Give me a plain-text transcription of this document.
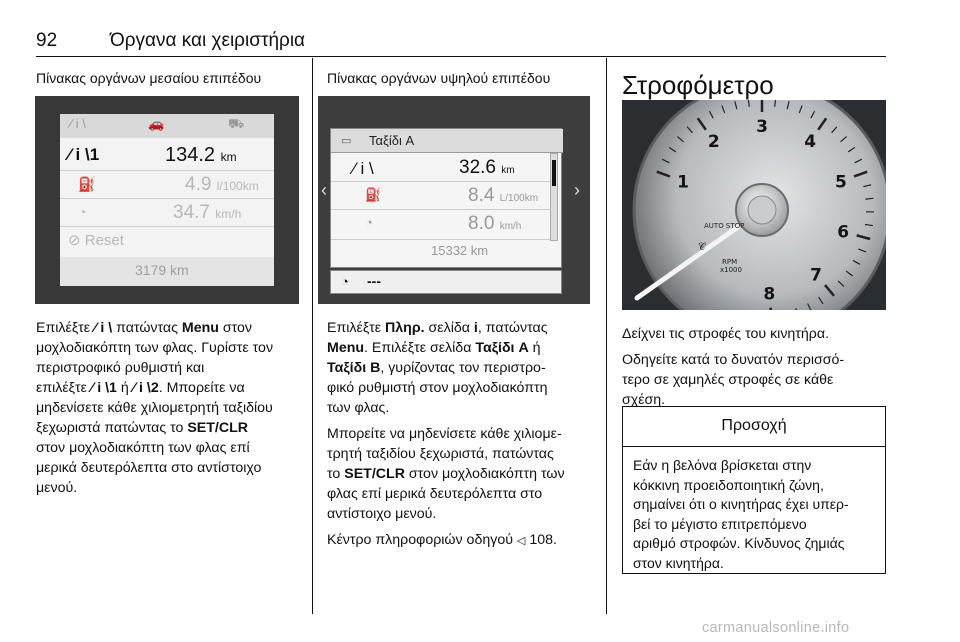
92	Όργανα και χειριστήρια
Πίνακας οργάνων μεσαίου επιπέδου
⁄ i \	🚗	⛟
⁄ i \1	134.2 km
⛽	4.9 l/100km
◔	34.7 km/h
⊘ Reset
3179 km
Επιλέξτε ⁄ i \ πατώντας Menu στον
μοχλοδιακόπτη των φλας. Γυρίστε τον
περιστροφικό ρυθμιστή και
επιλέξτε ⁄ i \1 ή ⁄ i \2. Μπορείτε να
μηδενίσετε κάθε χιλιομετρητή ταξιδίου
ξεχωριστά πατώντας το SET/CLR
στον μοχλοδιακόπτη των φλας επί
μερικά δευτερόλεπτα στο αντίστοιχο
μενού.
Πίνακας οργάνων υψηλού επιπέδου
‹	›
▭ Ταξίδι A
⁄ i \	32.6 km
⛽	8.4 L/100km
◔	8.0 km/h
15332 km
◔ ---
Επιλέξτε Πληρ. σελίδα i, πατώντας
Menu. Επιλέξτε σελίδα Ταξίδι A ή
Ταξίδι B, γυρίζοντας τον περιστρο-
φικό ρυθμιστή στον μοχλοδιακόπτη
των φλας.
Μπορείτε να μηδενίσετε κάθε χιλιομε-
τρητή ταξιδίου ξεχωριστά, πατώντας
το SET/CLR στον μοχλοδιακόπτη των
φλας επί μερικά δευτερόλεπτα στο
αντίστοιχο μενού.
Κέντρο πληροφοριών οδηγού ◁ 108.
Στροφόμετρο
1
2
3
4
5
6
7
8
AUTO STOP
𝒞
RPM
x1000
Δείχνει τις στροφές του κινητήρα.
Οδηγείτε κατά το δυνατόν περισσό-
τερο σε χαμηλές στροφές σε κάθε
σχέση.
Προσοχή
Εάν η βελόνα βρίσκεται στην
κόκκινη προειδοποιητική ζώνη,
σημαίνει ότι ο κινητήρας έχει υπερ-
βεί το μέγιστο επιτρεπόμενο
αριθμό στροφών. Κίνδυνος ζημιάς
στον κινητήρα.
carmanualsonline.info
